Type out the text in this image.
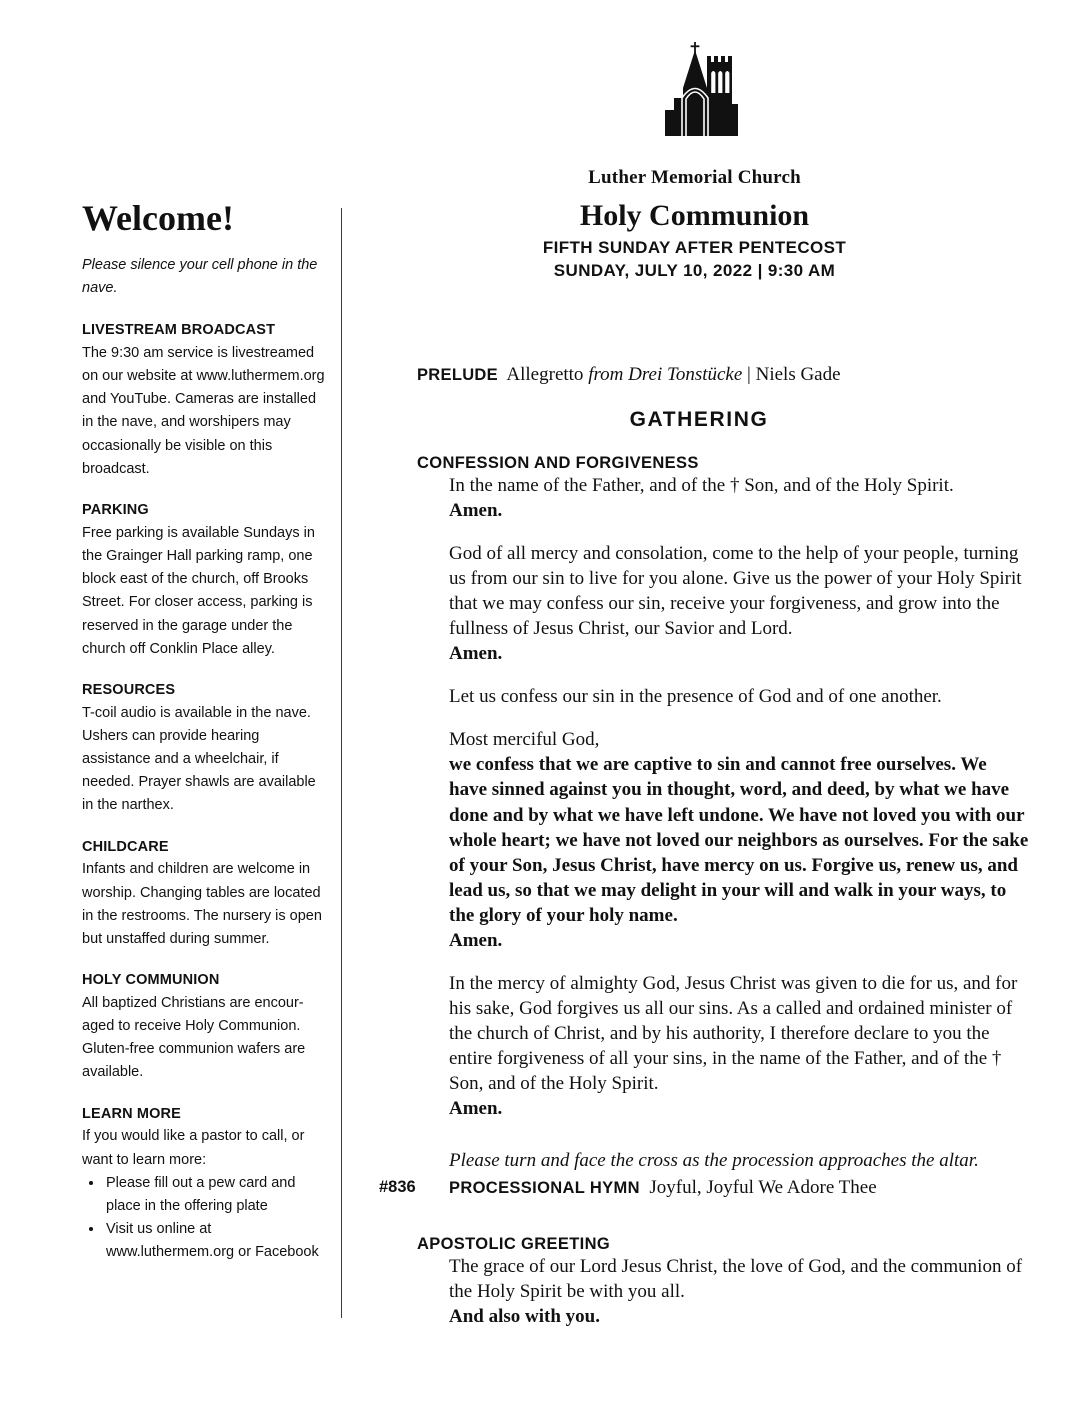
Luther Memorial Church
Holy Communion
FIFTH SUNDAY AFTER PENTECOST
SUNDAY, JULY 10, 2022 | 9:30 AM
Welcome!
Please silence your cell phone in the nave.

LIVESTREAM BROADCAST

The 9:30 am service is livestreamed on our website at www.luthermem.org and YouTube. Cameras are installed in the nave, and worshipers may occasionally be visible on this broadcast.

PARKING

Free parking is available Sundays in the Grainger Hall parking ramp, one block east of the church, off Brooks Street. For closer access, parking is reserved in the garage under the church off Conklin Place alley.

RESOURCES

T-coil audio is available in the nave. Ushers can provide hearing assistance and a wheelchair, if needed. Prayer shawls are available in the narthex.

CHILDCARE

Infants and children are welcome in worship. Changing tables are located in the restrooms. The nursery is open but unstaffed during summer.

HOLY COMMUNION

All baptized Christians are encour-aged to receive Holy Communion. Gluten-free communion wafers are available.

LEARN MORE

If you would like a pastor to call, or want to learn more:

• Please fill out a pew card and place in the offering plate
• Visit us online at www.luthermem.org or Facebook

PRELUDE Allegretto from Drei Tonstücke | Niels Gade

GATHERING

CONFESSION AND FORGIVENESS

In the name of the Father, and of the † Son, and of the Holy Spirit.

Amen.

God of all mercy and consolation, come to the help of your people, turning us from our sin to live for you alone. Give us the power of your Holy Spirit that we may confess our sin, receive your forgiveness, and grow into the fullness of Jesus Christ, our Savior and Lord.

Amen.

Let us confess our sin in the presence of God and of one another.

Most merciful God,

we confess that we are captive to sin and cannot free ourselves. We have sinned against you in thought, word, and deed, by what we have done and by what we have left undone. We have not loved you with our whole heart; we have not loved our neighbors as ourselves. For the sake of your Son, Jesus Christ, have mercy on us. Forgive us, renew us, and lead us, so that we may delight in your will and walk in your ways, to the glory of your holy name.

Amen.

In the mercy of almighty God, Jesus Christ was given to die for us, and for his sake, God forgives us all our sins. As a called and ordained minister of the church of Christ, and by his authority, I therefore declare to you the entire forgiveness of all your sins, in the name of the Father, and of the † Son, and of the Holy Spirit.

Amen.

Please turn and face the cross as the procession approaches the altar.

#836 PROCESSIONAL HYMN Joyful, Joyful We Adore Thee

APOSTOLIC GREETING

The grace of our Lord Jesus Christ, the love of God, and the communion of the Holy Spirit be with you all.

And also with you.
